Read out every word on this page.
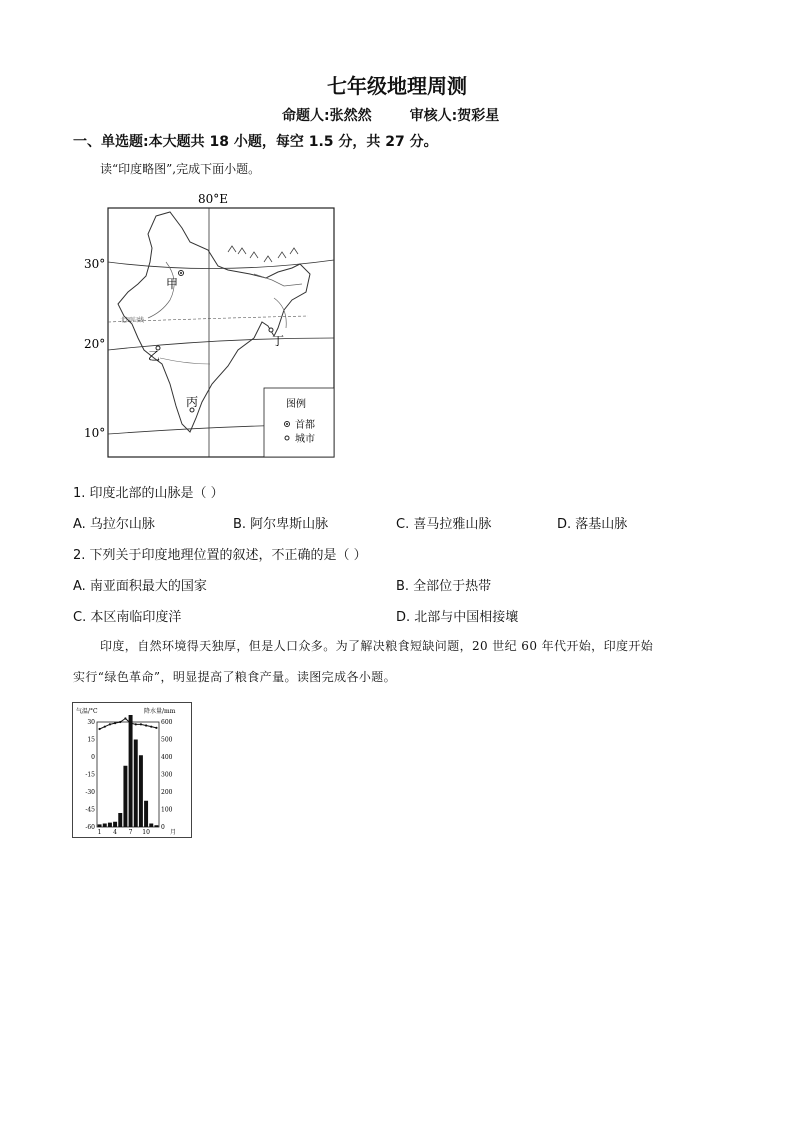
七年级地理周测
命题人:张然然	审核人:贺彩星
一、单选题:本大题共 18 小题，每空 1.5 分，共 27 分。
读“印度略图”,完成下面小题。
80°E
30°
20°
10°
北回归线
甲
乙
丙
丁
图例
首都
城市
1. 印度北部的山脉是（ ）
A. 乌拉尔山脉	B. 阿尔卑斯山脉	C. 喜马拉雅山脉	D. 落基山脉
2. 下列关于印度地理位置的叙述，不正确的是（ ）
A. 南亚面积最大的国家	B. 全部位于热带
C. 本区南临印度洋	D. 北部与中国相接壤
印度，自然环境得天独厚，但是人口众多。为了解决粮食短缺问题，20 世纪 60 年代开始，印度开始
实行“绿色革命”，明显提高了粮食产量。读图完成各小题。
气温/°C	降水量/mm
30
15
0
-15
-30
-45
-60
600
500
400
300
200
100
0
1 4 7 10	月
